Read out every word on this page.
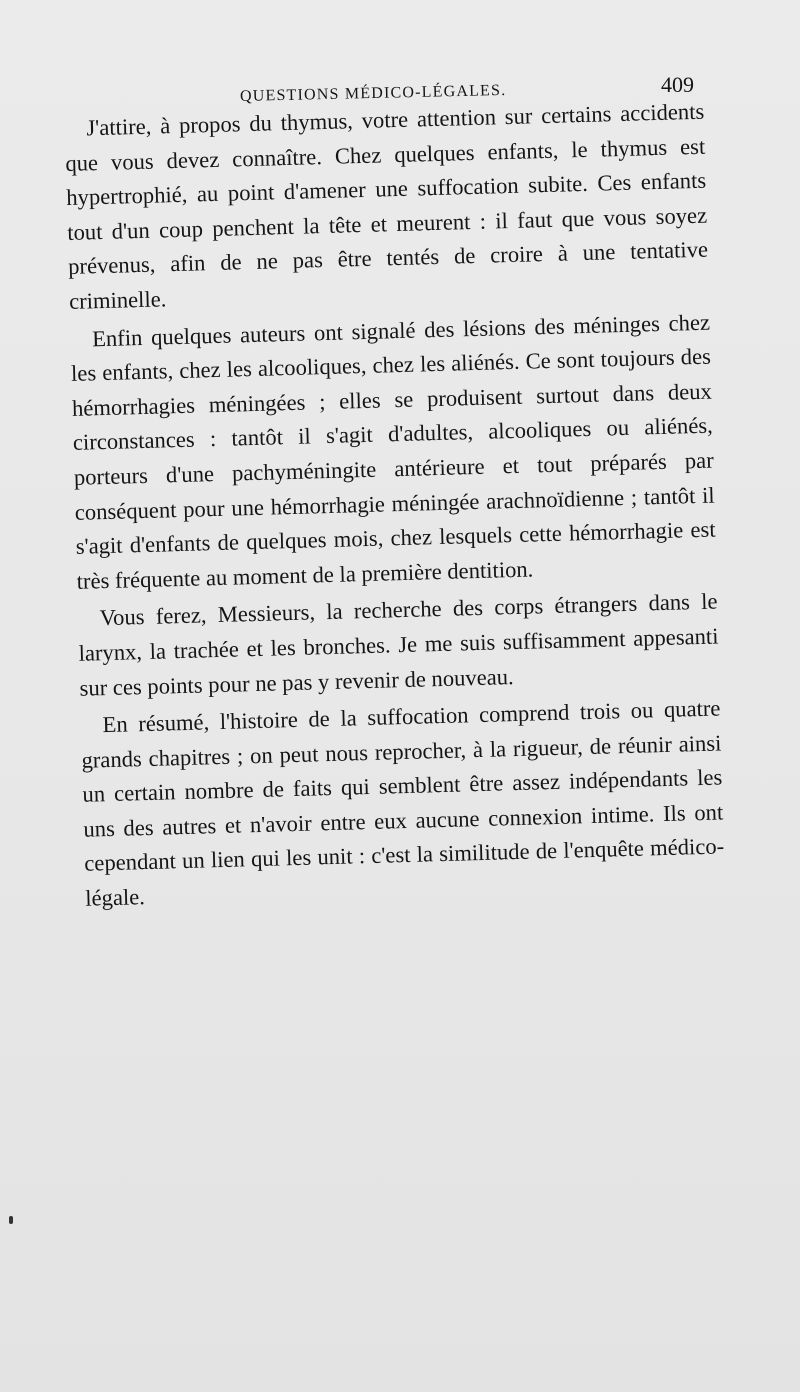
QUESTIONS MÉDICO-LÉGALES.	409

J'attire, à propos du thymus, votre attention sur certains accidents que vous devez connaître. Chez quelques enfants, le thymus est hypertrophié, au point d'amener une suffocation subite. Ces enfants tout d'un coup penchent la tête et meurent : il faut que vous soyez prévenus, afin de ne pas être tentés de croire à une tentative criminelle.

Enfin quelques auteurs ont signalé des lésions des méninges chez les enfants, chez les alcooliques, chez les aliénés. Ce sont toujours des hémorrhagies méningées ; elles se produisent surtout dans deux circonstances : tantôt il s'agit d'adultes, alcooliques ou aliénés, porteurs d'une pachyméningite antérieure et tout préparés par conséquent pour une hémorrhagie méningée arachnoïdienne ; tantôt il s'agit d'enfants de quelques mois, chez lesquels cette hémorrhagie est très fréquente au moment de la première dentition.

Vous ferez, Messieurs, la recherche des corps étrangers dans le larynx, la trachée et les bronches. Je me suis suffisamment appesanti sur ces points pour ne pas y revenir de nouveau.

En résumé, l'histoire de la suffocation comprend trois ou quatre grands chapitres ; on peut nous reprocher, à la rigueur, de réunir ainsi un certain nombre de faits qui semblent être assez indépendants les uns des autres et n'avoir entre eux aucune connexion intime. Ils ont cependant un lien qui les unit : c'est la similitude de l'enquête médico-légale.
